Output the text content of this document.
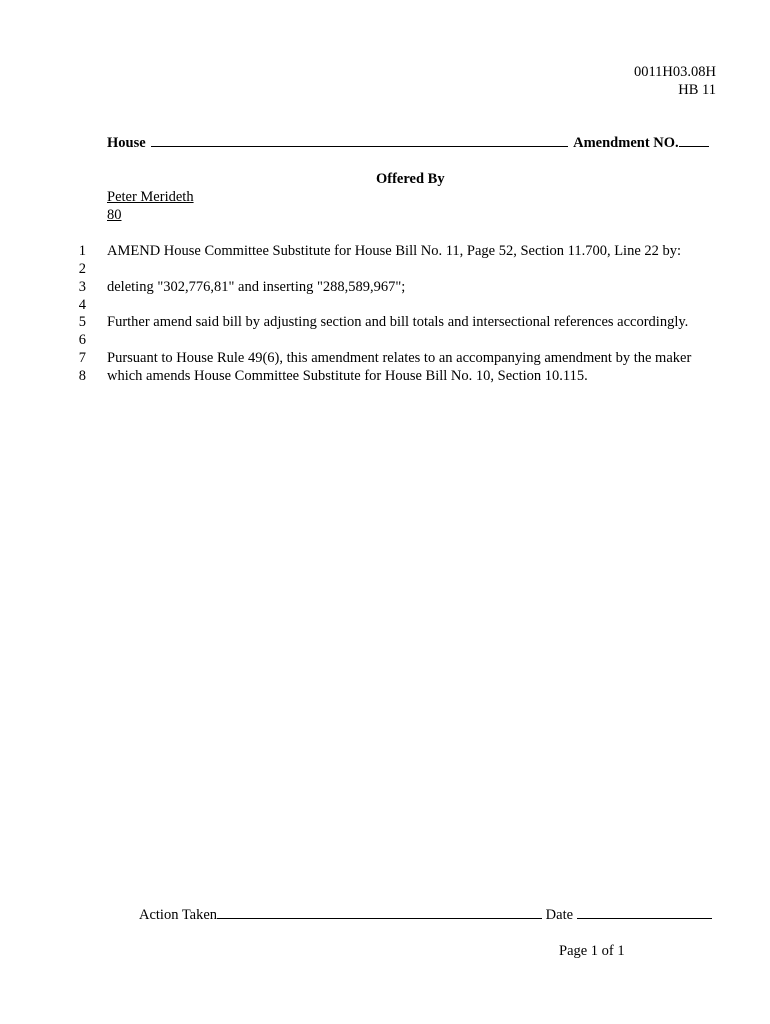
0011H03.08H
HB 11
House	Amendment NO.
Offered By
Peter Merideth
80
1 AMEND House Committee Substitute for House Bill No. 11, Page 52, Section 11.700, Line 22 by:
2
3 deleting "302,776,81" and inserting "288,589,967";
4
5 Further amend said bill by adjusting section and bill totals and intersectional references accordingly.
6
7 Pursuant to House Rule 49(6), this amendment relates to an accompanying amendment by the maker
8 which amends House Committee Substitute for House Bill No. 10, Section 10.115.
Action Taken	Date
Page 1 of 1
